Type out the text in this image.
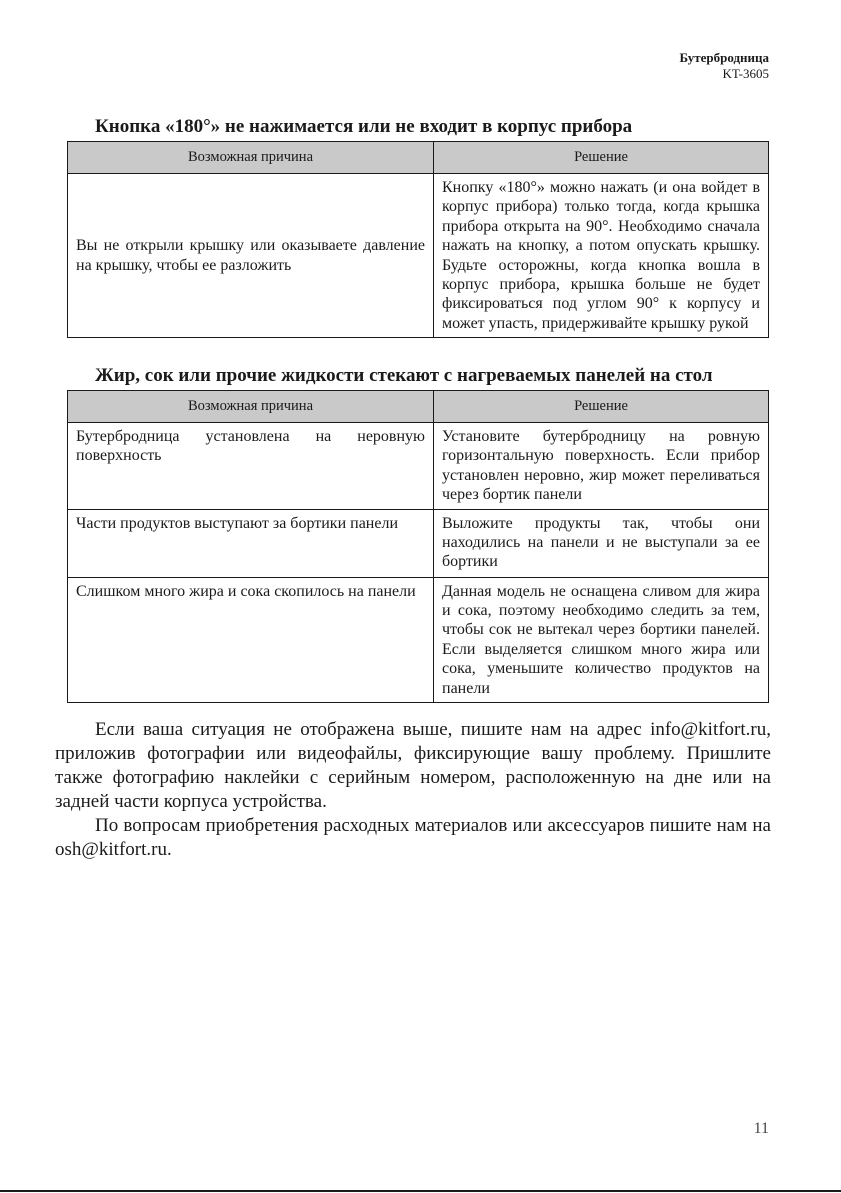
Бутербродница
KT-3605
Кнопка «180°» не нажимается или не входит в корпус прибора
Возможная причина	Решение
Вы не открыли крышку или оказываете давление на крышку, чтобы ее разложить	Кнопку «180°» можно нажать (и она войдет в корпус прибора) только тогда, когда крышка прибора открыта на 90°. Необходимо сначала нажать на кнопку, а потом опускать крышку. Будьте осторожны, когда кнопка вошла в корпус прибора, крышка больше не будет фиксироваться под углом 90° к корпусу и может упасть, придерживайте крышку рукой
Жир, сок или прочие жидкости стекают с нагреваемых панелей на стол
Возможная причина	Решение
Бутербродница установлена на неровную поверхность	Установите бутербродницу на ровную горизонтальную поверхность. Если прибор установлен неровно, жир может переливаться через бортик панели
Части продуктов выступают за бортики панели	Выложите продукты так, чтобы они находились на панели и не выступали за ее бортики
Слишком много жира и сока скопилось на панели	Данная модель не оснащена сливом для жира и сока, поэтому необходимо следить за тем, чтобы сок не вытекал через бортики панелей. Если выделяется слишком много жира или сока, уменьшите количество продуктов на панели

Если ваша ситуация не отображена выше, пишите нам на адрес info@kitfort.ru, приложив фотографии или видеофайлы, фиксирующие вашу проблему. Пришлите также фотографию наклейки с серийным номером, расположенную на дне или на задней части корпуса устройства.

По вопросам приобретения расходных материалов или аксессуаров пишите нам на osh@kitfort.ru.

11
